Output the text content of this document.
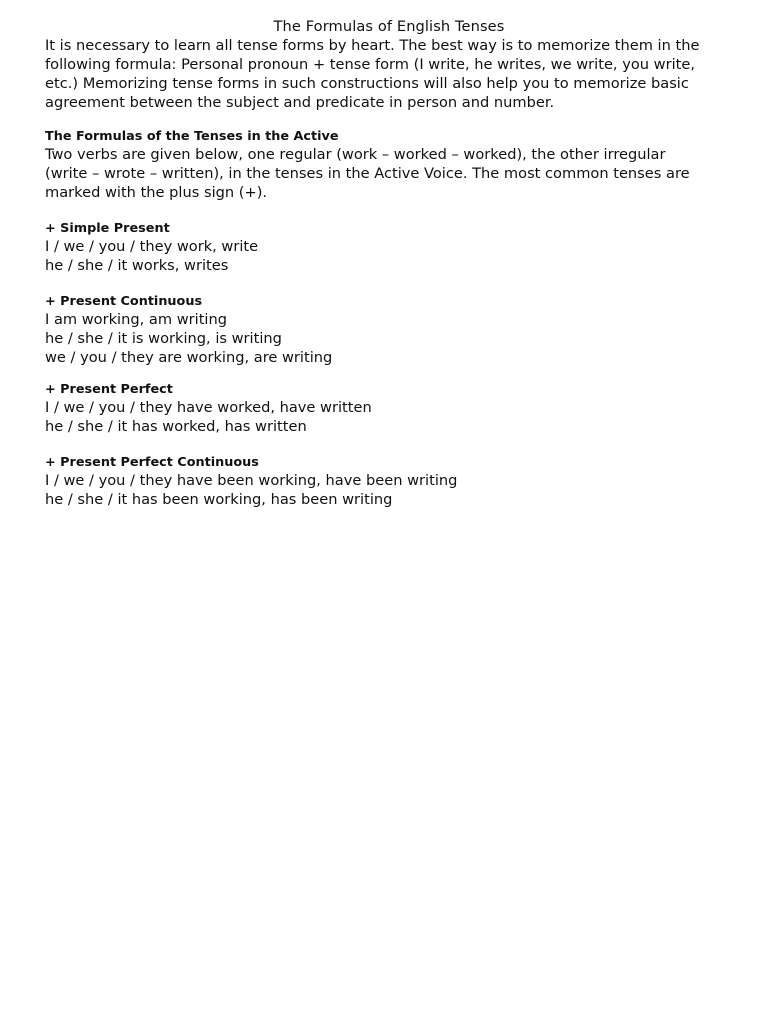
The Formulas of English Tenses
It is necessary to learn all tense forms by heart. The best way is to memorize them in the
following formula: Personal pronoun + tense form (I write, he writes, we write, you write,
etc.) Memorizing tense forms in such constructions will also help you to memorize basic
agreement between the subject and predicate in person and number.
The Formulas of the Tenses in the Active
Two verbs are given below, one regular (work – worked – worked), the other irregular
(write – wrote – written), in the tenses in the Active Voice. The most common tenses are
marked with the plus sign (+).
+ Simple Present
I / we / you / they work, write
he / she / it works, writes
+ Present Continuous
I am working, am writing
he / she / it is working, is writing
we / you / they are working, are writing
+ Present Perfect
I / we / you / they have worked, have written
he / she / it has worked, has written
+ Present Perfect Continuous
I / we / you / they have been working, have been writing
he / she / it has been working, has been writing
